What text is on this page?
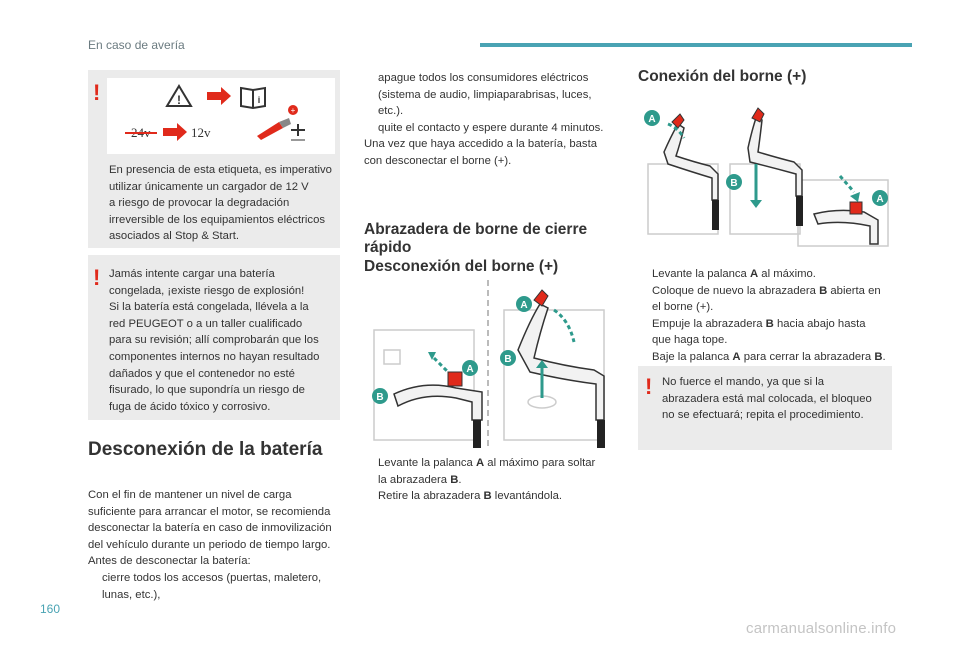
En caso de avería
!	!	i
24v	12v
+
En presencia de esta etiqueta, es imperativo
utilizar únicamente un cargador de 12 V
a riesgo de provocar la degradación
irreversible de los equipamientos eléctricos
asociados al Stop & Start.
! Jamás intente cargar una batería
congelada, ¡existe riesgo de explosión!
Si la batería está congelada, llévela a la
red PEUGEOT o a un taller cualificado
para su revisión; allí comprobarán que los
componentes internos no hayan resultado
dañados y que el contenedor no esté
fisurado, lo que supondría un riesgo de
fuga de ácido tóxico y corrosivo.
Desconexión de la batería
Con el fin de mantener un nivel de carga
suficiente para arrancar el motor, se recomienda
desconectar la batería en caso de inmovilización
del vehículo durante un periodo de tiempo largo.
Antes de desconectar la batería:
cierre todos los accesos (puertas, maletero,
lunas, etc.),
apague todos los consumidores eléctricos
(sistema de audio, limpiaparabrisas, luces,
etc.).
quite el contacto y espere durante 4 minutos.
Una vez que haya accedido a la batería, basta
con desconectar el borne (+).
Abrazadera de borne de cierre
rápido
Desconexión del borne (+)
A
B
A
B
Levante la palanca A al máximo para soltar
la abrazadera B.
Retire la abrazadera B levantándola.
Conexión del borne (+)
A
B
A
Levante la palanca A al máximo.
Coloque de nuevo la abrazadera B abierta en
el borne (+).
Empuje la abrazadera B hacia abajo hasta
que haga tope.
Baje la palanca A para cerrar la abrazadera B.
! No fuerce el mando, ya que si la
abrazadera está mal colocada, el bloqueo
no se efectuará; repita el procedimiento.
160
carmanualsonline.info
